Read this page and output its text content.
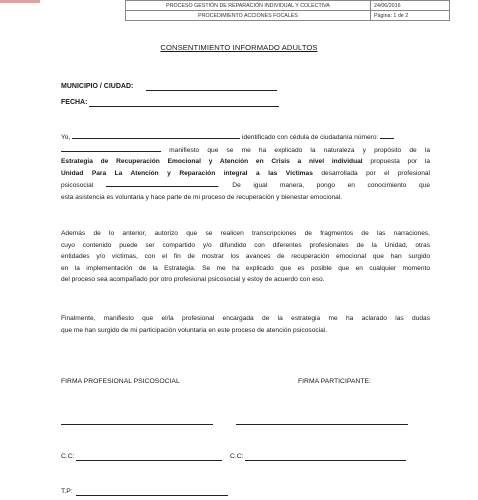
PROCESO GESTIÓN DE REPARACIÓN INDIVIDUAL Y COLECTIVA	24/06/2016
PROCEDIMIENTO ACCIONES FOCALES	Página: 1 de 2
CONSENTIMIENTO INFORMADO ADULTOS
MUNICIPIO / CIUDAD:
FECHA:
Yo,	identificado con cédula de ciudadanía número:
manifiesto que se me ha explicado la naturaleza y propósito de la
Estrategia de Recuperación Emocional y Atención en Crisis a nivel individual propuesta por la
Unidad Para La Atención y Reparación integral a las Víctimas desarrollada por el profesional
psicosocial	. De igual manera, pongo en conocimiento que
esta asistencia es voluntaria y hace parte de mi proceso de recuperación y bienestar emocional.
Además de lo anterior, autorizo que se realicen transcripciones de fragmentos de las narraciones,
cuyo contenido puede ser compartido y/o difundido con diferentes profesionales de la Unidad, otras
entidades y/o víctimas, con el fin de mostrar los avances de recuperación emocional que han surgido
en la implementación de la Estrategia. Se me ha explicado que es posible que en cualquier momento
del proceso sea acompañado por otro profesional psicosocial y estoy de acuerdo con eso.
Finalmente, manifiesto que el/la profesional encargada de la estrategia me ha aclarado las dudas
que me han surgido de mi participación voluntaria en este proceso de atención psicosocial.
FIRMA PROFESIONAL PSICOSOCIAL	FIRMA PARTICIPANTE:
C.C:	C.C:
T.P:
